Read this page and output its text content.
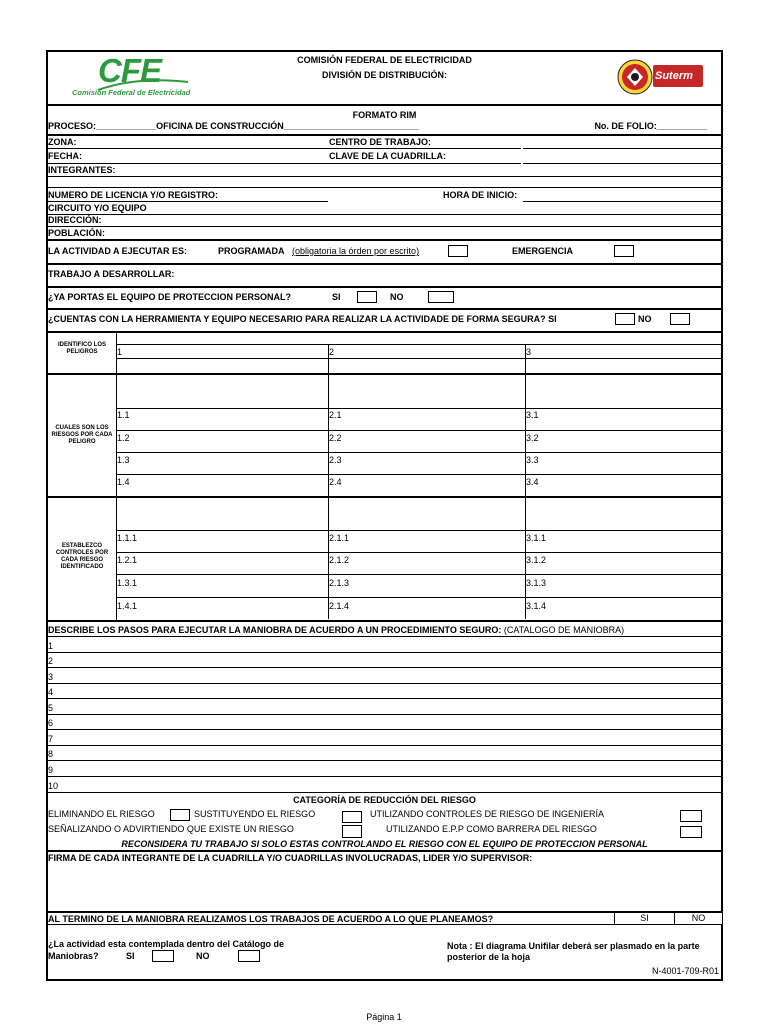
CFE
Comisión Federal de Electricidad
COMISIÓN FEDERAL DE ELECTRICIDAD
DIVISIÓN DE DISTRIBUCIÓN:	Suterm
FORMATO RIM
PROCESO:____________OFICINA DE CONSTRUCCIÓN___________________________	No. DE FOLIO:__________
ZONA:	CENTRO DE TRABAJO:
FECHA:	CLAVE DE LA CUADRILLA:
INTEGRANTES:
NUMERO DE LICENCIA Y/O REGISTRO:	HORA DE INICIO:
CIRCUITO Y/O EQUIPO
DIRECCIÓN:
POBLACIÓN:
LA ACTIVIDAD A EJECUTAR ES:	PROGRAMADA (obligatoria la órden por escrito)	EMERGENCIA
TRABAJO A DESARROLLAR:
¿YA PORTAS EL EQUIPO DE PROTECCION PERSONAL?	SI	NO
¿CUENTAS CON LA HERRAMIENTA Y EQUIPO NECESARIO PARA REALIZAR LA ACTIVIDADE DE FORMA SEGURA? SI	NO
IDENTIFICO LOS PELIGROS	1	2	3
CUALES SON LOS RIESGOS POR CADA PELIGRO
1.1	2.1	3.1
1.2	2.2	3.2
1.3	2.3	3.3
1.4	2.4	3.4
ESTABLEZCO CONTROLES POR CADA RIESGO IDENTIFICADO
1.1.1	2.1.1	3.1.1
1.2.1	2.1.2	3.1.2
1.3.1	2.1.3	3.1.3
1.4.1	2.1.4	3.1.4
DESCRIBE LOS PASOS PARA EJECUTAR LA MANIOBRA DE ACUERDO A UN PROCEDIMIENTO SEGURO: (CATALOGO DE MANIOBRA)
1
2
3
4
5
6
7
8
9
10
CATEGORÍA DE REDUCCIÓN DEL RIESGO
ELIMINANDO EL RIESGO	SUSTITUYENDO EL RIESGO	UTILIZANDO CONTROLES DE RIESGO DE INGENIERÍA
SEÑALIZANDO O ADVIRTIENDO QUE EXISTE UN RIESGO	UTILIZANDO E.P.P COMO BARRERA DEL RIESGO
RECONSIDERA TU TRABAJO SI SOLO ESTAS CONTROLANDO EL RIESGO CON EL EQUIPO DE PROTECCION PERSONAL
FIRMA DE CADA INTEGRANTE DE LA CUADRILLA Y/O CUADRILLAS INVOLUCRADAS, LIDER Y/O SUPERVISOR:
AL TERMINO DE LA MANIOBRA REALIZAMOS LOS TRABAJOS DE ACUERDO A LO QUE PLANEAMOS?	SI	NO
¿La actividad esta contemplada dentro del Catálogo de
Maniobras?	SI	NO
Nota : El diagrama Unifilar deberá ser plasmado en la parte
posterior de la hoja
N-4001-709-R01
Página 1
